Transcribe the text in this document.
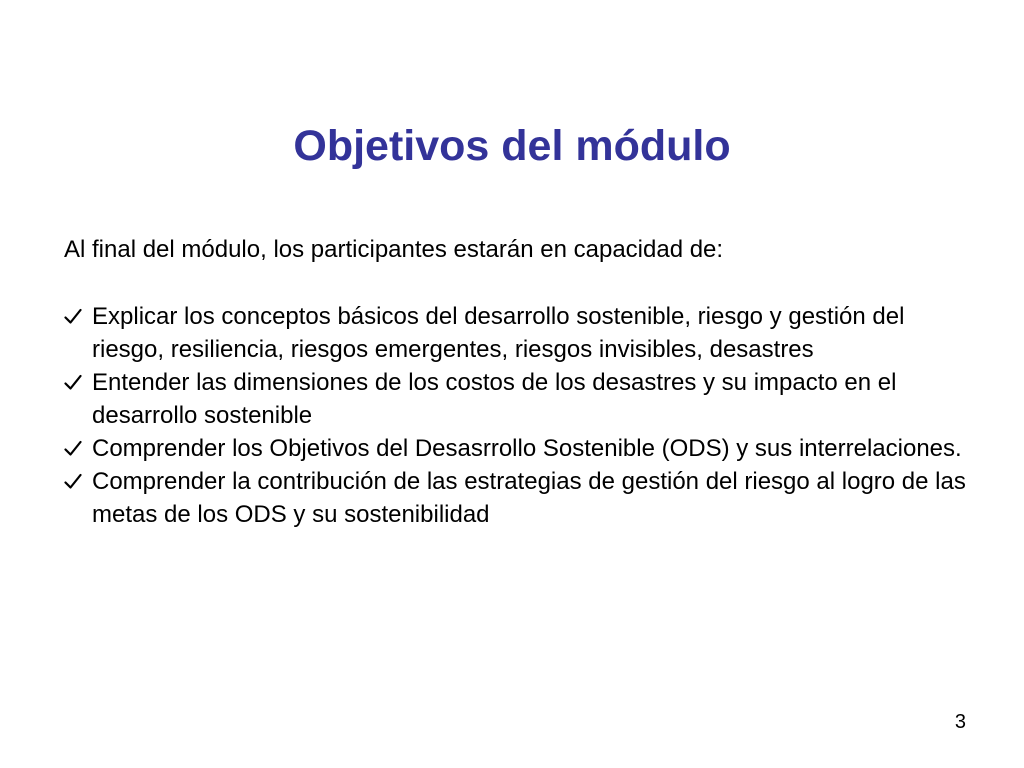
Objetivos del módulo

Al final del módulo, los participantes estarán en capacidad de:

Explicar los conceptos básicos del desarrollo sostenible, riesgo y gestión del riesgo, resiliencia, riesgos emergentes, riesgos invisibles, desastres
Entender las dimensiones de los costos de los desastres y su impacto en el desarrollo sostenible
Comprender los Objetivos del Desasrrollo Sostenible (ODS) y sus interrelaciones.
Comprender la contribución de las estrategias de gestión del riesgo al logro de las metas de los ODS y su sostenibilidad
3
